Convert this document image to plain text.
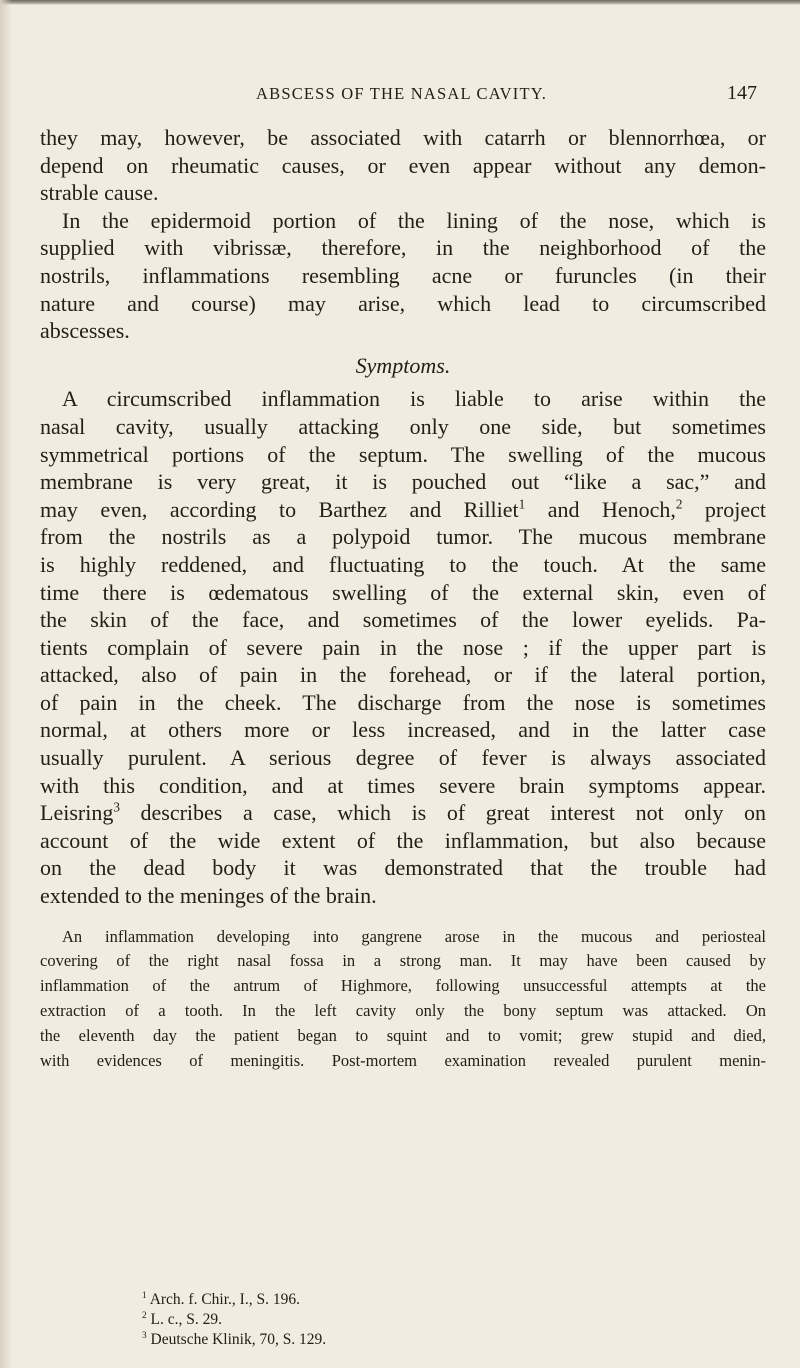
ABSCESS OF THE NASAL CAVITY.	147
they may, however, be associated with catarrh or blennorrhœa, or
depend on rheumatic causes, or even appear without any demon-
strable cause.
In the epidermoid portion of the lining of the nose, which is
supplied with vibrissæ, therefore, in the neighborhood of the
nostrils, inflammations resembling acne or furuncles (in their
nature and course) may arise, which lead to circumscribed
abscesses.
Symptoms.
A circumscribed inflammation is liable to arise within the
nasal cavity, usually attacking only one side, but sometimes
symmetrical portions of the septum. The swelling of the mucous
membrane is very great, it is pouched out “like a sac,” and
may even, according to Barthez and Rilliet$^1$ and Henoch,$^2$ project
from the nostrils as a polypoid tumor. The mucous membrane
is highly reddened, and fluctuating to the touch. At the same
time there is œdematous swelling of the external skin, even of
the skin of the face, and sometimes of the lower eyelids. Pa-
tients complain of severe pain in the nose ; if the upper part is
attacked, also of pain in the forehead, or if the lateral portion,
of pain in the cheek. The discharge from the nose is sometimes
normal, at others more or less increased, and in the latter case
usually purulent. A serious degree of fever is always associated
with this condition, and at times severe brain symptoms appear.
Leisring$^3$ describes a case, which is of great interest not only on
account of the wide extent of the inflammation, but also because
on the dead body it was demonstrated that the trouble had
extended to the meninges of the brain.
An inflammation developing into gangrene arose in the mucous and periosteal
covering of the right nasal fossa in a strong man. It may have been caused by
inflammation of the antrum of Highmore, following unsuccessful attempts at the
extraction of a tooth. In the left cavity only the bony septum was attacked. On
the eleventh day the patient began to squint and to vomit; grew stupid and died,
with evidences of meningitis. Post-mortem examination revealed purulent menin-
$^1$ Arch. f. Chir., I., S. 196.
$^2$ L. c., S. 29.
$^3$ Deutsche Klinik, 70, S. 129.
